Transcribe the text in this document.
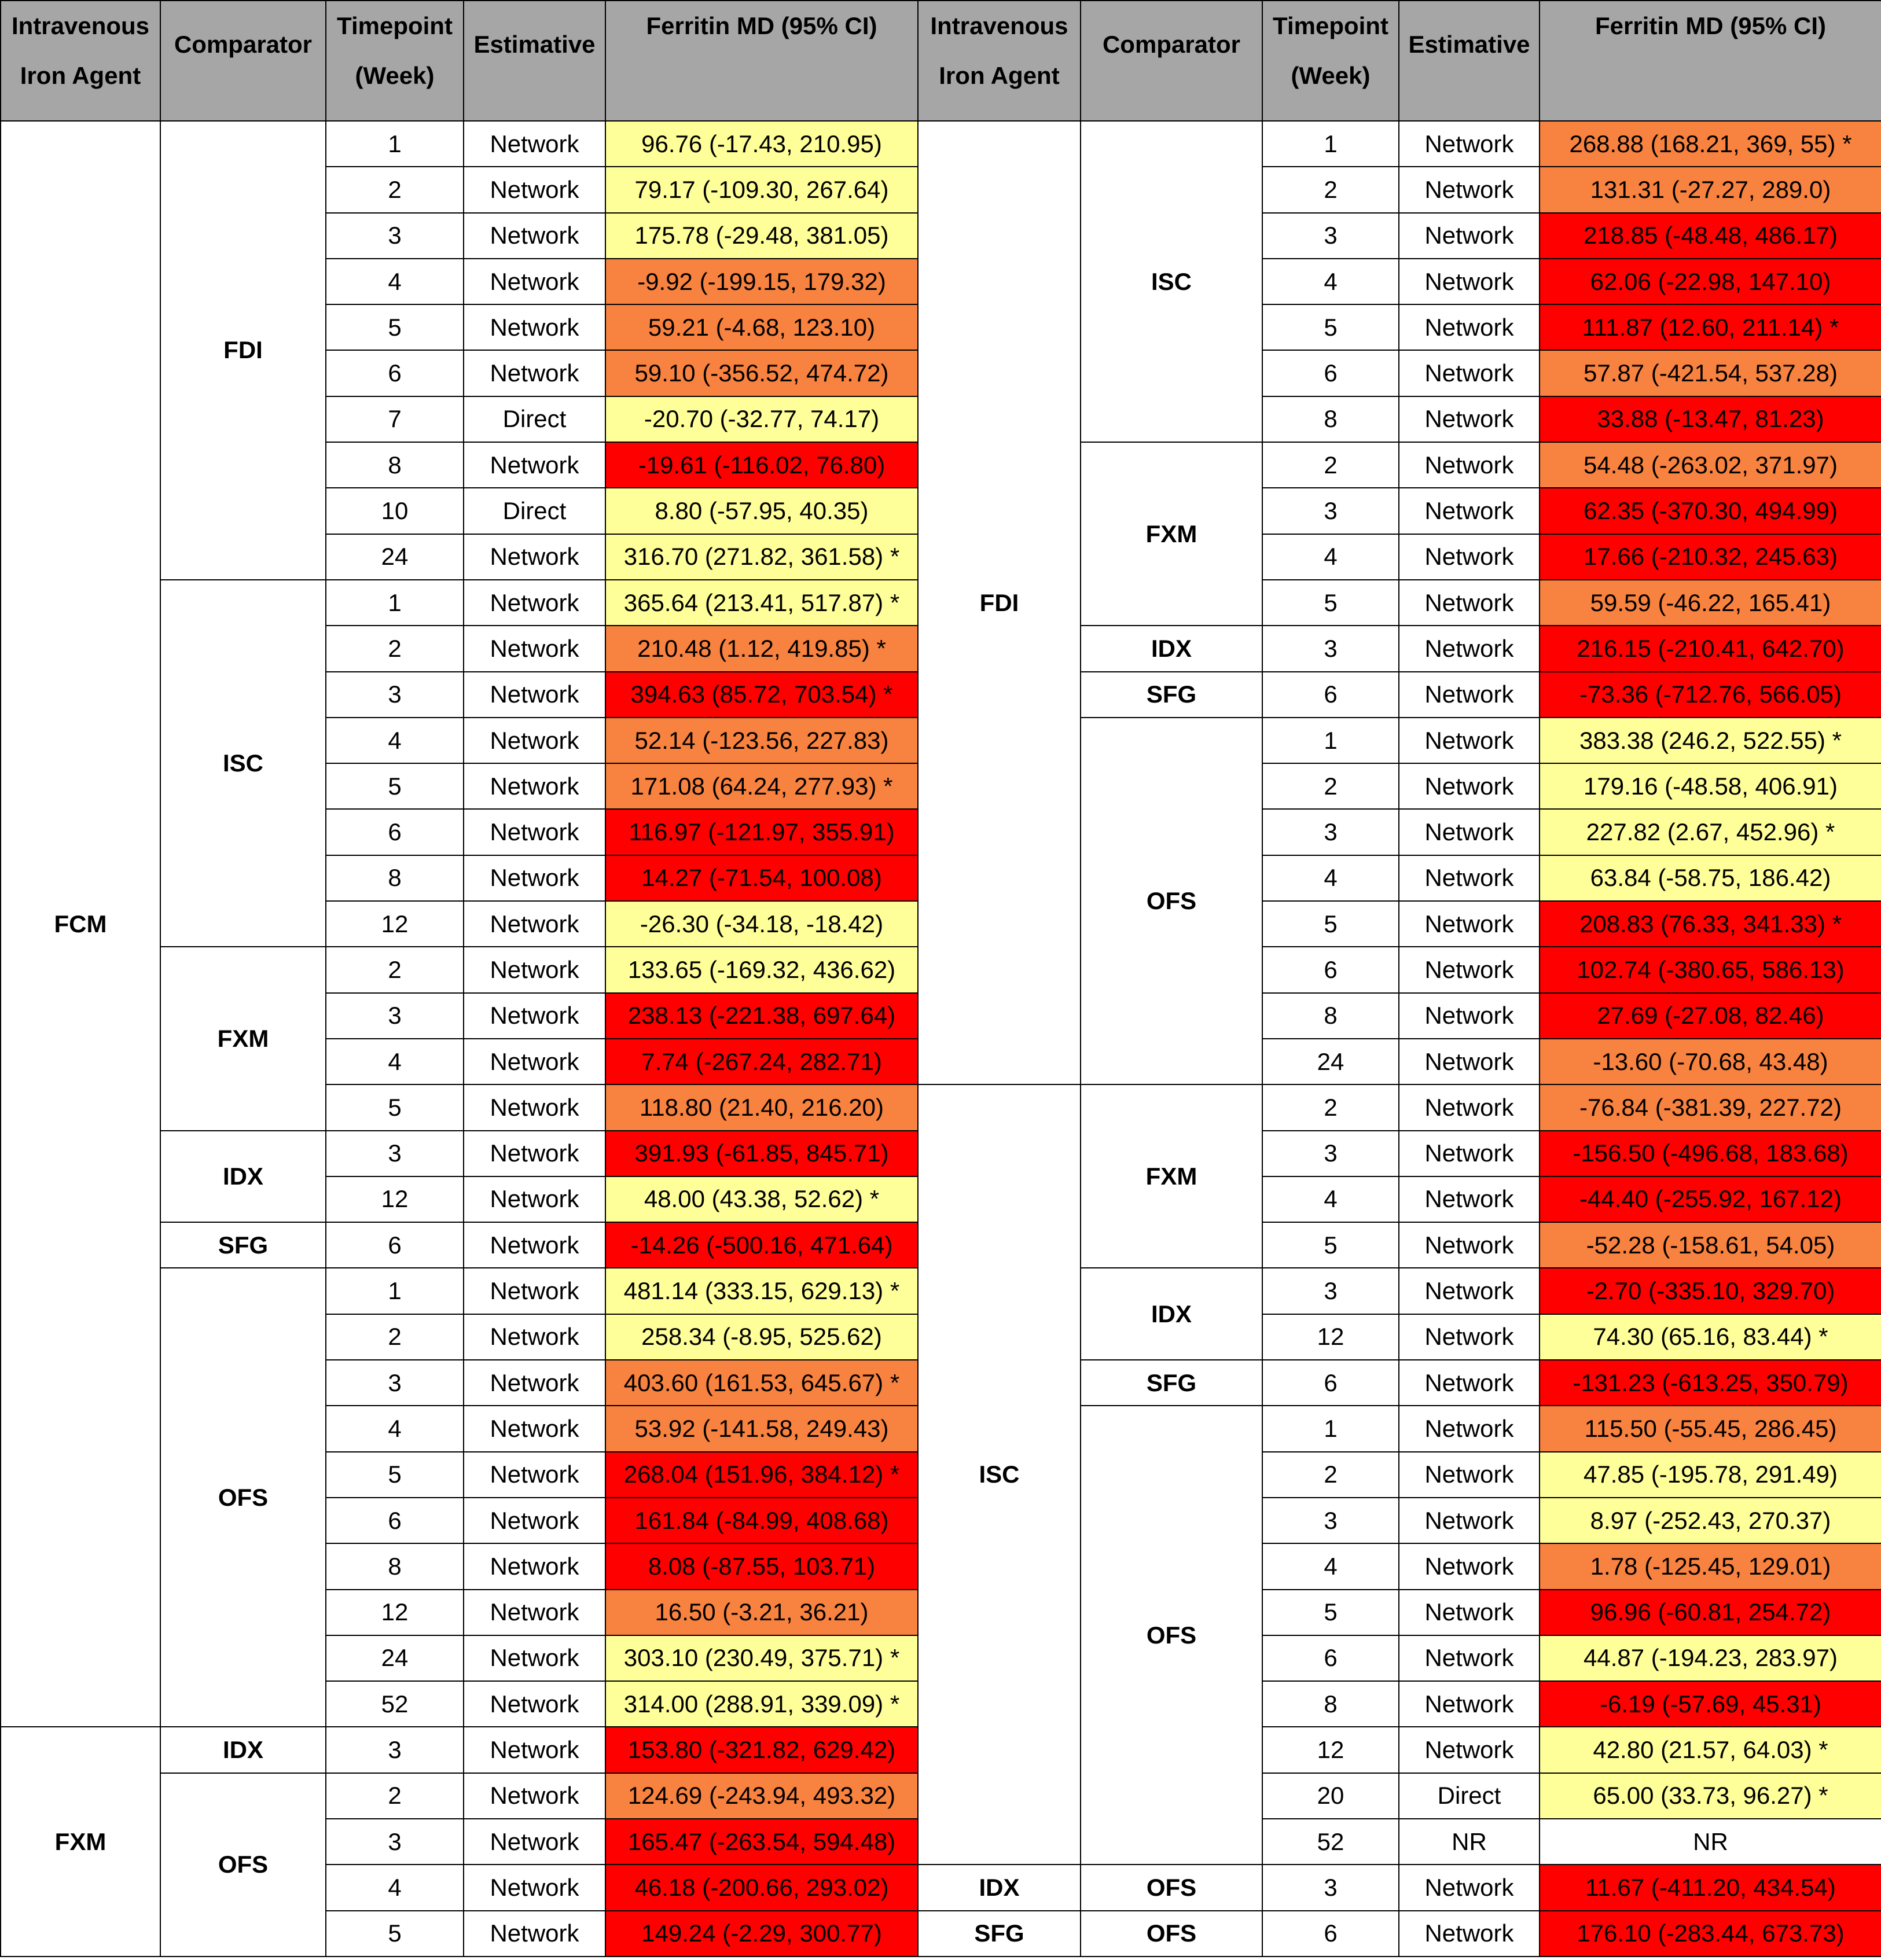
Intravenous Iron Agent	Comparator	Timepoint (Week)	Estimative	Ferritin MD (95% CI)	Intravenous Iron Agent	Comparator	Timepoint (Week)	Estimative	Ferritin MD (95% CI)
FCM	FDI	1	Network	96.76 (-17.43, 210.95)	FDI	ISC	1	Network	268.88 (168.21, 369, 55) *
		2	Network	79.17 (-109.30, 267.64)			2	Network	131.31 (-27.27, 289.0)
		3	Network	175.78 (-29.48, 381.05)			3	Network	218.85 (-48.48, 486.17)
		4	Network	-9.92 (-199.15, 179.32)			4	Network	62.06 (-22.98, 147.10)
		5	Network	59.21 (-4.68, 123.10)			5	Network	111.87 (12.60, 211.14) *
		6	Network	59.10 (-356.52, 474.72)			6	Network	57.87 (-421.54, 537.28)
		7	Direct	-20.70 (-32.77, 74.17)			8	Network	33.88 (-13.47, 81.23)
		8	Network	-19.61 (-116.02, 76.80)		FXM	2	Network	54.48 (-263.02, 371.97)
		10	Direct	8.80 (-57.95, 40.35)			3	Network	62.35 (-370.30, 494.99)
		24	Network	316.70 (271.82, 361.58) *			4	Network	17.66 (-210.32, 245.63)
	ISC	1	Network	365.64 (213.41, 517.87) *			5	Network	59.59 (-46.22, 165.41)
		2	Network	210.48 (1.12, 419.85) *		IDX	3	Network	216.15 (-210.41, 642.70)
		3	Network	394.63 (85.72, 703.54) *		SFG	6	Network	-73.36 (-712.76, 566.05)
		4	Network	52.14 (-123.56, 227.83)		OFS	1	Network	383.38 (246.2, 522.55) *
		5	Network	171.08 (64.24, 277.93) *			2	Network	179.16 (-48.58, 406.91)
		6	Network	116.97 (-121.97, 355.91)			3	Network	227.82 (2.67, 452.96) *
		8	Network	14.27 (-71.54, 100.08)			4	Network	63.84 (-58.75, 186.42)
		12	Network	-26.30 (-34.18, -18.42)			5	Network	208.83 (76.33, 341.33) *
	FXM	2	Network	133.65 (-169.32, 436.62)			6	Network	102.74 (-380.65, 586.13)
		3	Network	238.13 (-221.38, 697.64)			8	Network	27.69 (-27.08, 82.46)
		4	Network	7.74 (-267.24, 282.71)			24	Network	-13.60 (-70.68, 43.48)
		5	Network	118.80 (21.40, 216.20)	ISC	FXM	2	Network	-76.84 (-381.39, 227.72)
	IDX	3	Network	391.93 (-61.85, 845.71)			3	Network	-156.50 (-496.68, 183.68)
		12	Network	48.00 (43.38, 52.62) *			4	Network	-44.40 (-255.92, 167.12)
	SFG	6	Network	-14.26 (-500.16, 471.64)			5	Network	-52.28 (-158.61, 54.05)
	OFS	1	Network	481.14 (333.15, 629.13) *		IDX	3	Network	-2.70 (-335.10, 329.70)
		2	Network	258.34 (-8.95, 525.62)			12	Network	74.30 (65.16, 83.44) *
		3	Network	403.60 (161.53, 645.67) *		SFG	6	Network	-131.23 (-613.25, 350.79)
		4	Network	53.92 (-141.58, 249.43)		OFS	1	Network	115.50 (-55.45, 286.45)
		5	Network	268.04 (151.96, 384.12) *			2	Network	47.85 (-195.78, 291.49)
		6	Network	161.84 (-84.99, 408.68)			3	Network	8.97 (-252.43, 270.37)
		8	Network	8.08 (-87.55, 103.71)			4	Network	1.78 (-125.45, 129.01)
		12	Network	16.50 (-3.21, 36.21)			5	Network	96.96 (-60.81, 254.72)
		24	Network	303.10 (230.49, 375.71) *			6	Network	44.87 (-194.23, 283.97)
		52	Network	314.00 (288.91, 339.09) *			8	Network	-6.19 (-57.69, 45.31)
FXM	IDX	3	Network	153.80 (-321.82, 629.42)			12	Network	42.80 (21.57, 64.03) *
	OFS	2	Network	124.69 (-243.94, 493.32)			20	Direct	65.00 (33.73, 96.27) *
		3	Network	165.47 (-263.54, 594.48)			52	NR	NR
		4	Network	46.18 (-200.66, 293.02)	IDX	OFS	3	Network	11.67 (-411.20, 434.54)
		5	Network	149.24 (-2.29, 300.77)	SFG	OFS	6	Network	176.10 (-283.44, 673.73)
